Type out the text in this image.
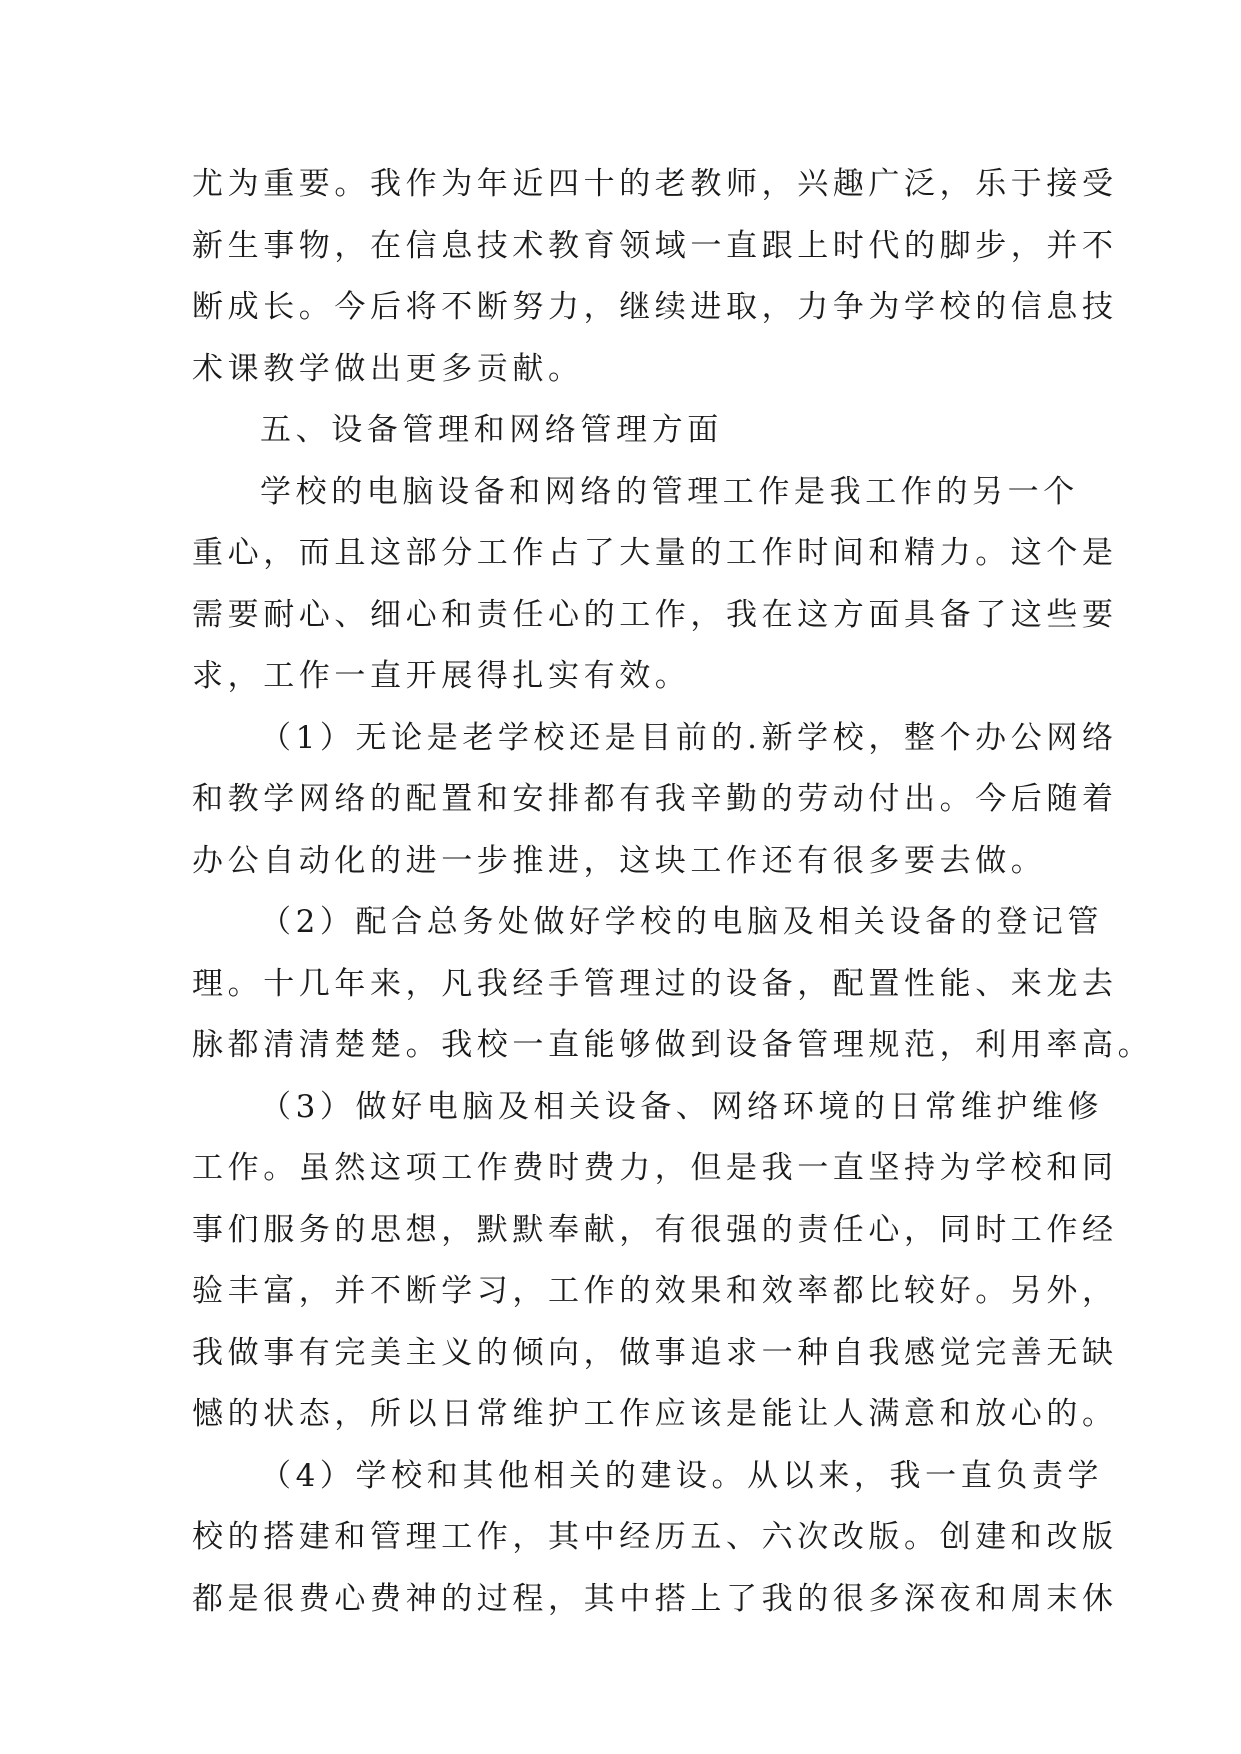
尤为重要。我作为年近四十的老教师，兴趣广泛，乐于接受
新生事物，在信息技术教育领域一直跟上时代的脚步，并不
断成长。今后将不断努力，继续进取，力争为学校的信息技
术课教学做出更多贡献。
五、设备管理和网络管理方面
学校的电脑设备和网络的管理工作是我工作的另一个
重心，而且这部分工作占了大量的工作时间和精力。这个是
需要耐心、细心和责任心的工作，我在这方面具备了这些要
求，工作一直开展得扎实有效。
（1）无论是老学校还是目前的.新学校，整个办公网络
和教学网络的配置和安排都有我辛勤的劳动付出。今后随着
办公自动化的进一步推进，这块工作还有很多要去做。
（2）配合总务处做好学校的电脑及相关设备的登记管
理。十几年来，凡我经手管理过的设备，配置性能、来龙去
脉都清清楚楚。我校一直能够做到设备管理规范，利用率高。
（3）做好电脑及相关设备、网络环境的日常维护维修
工作。虽然这项工作费时费力，但是我一直坚持为学校和同
事们服务的思想，默默奉献，有很强的责任心，同时工作经
验丰富，并不断学习，工作的效果和效率都比较好。另外，
我做事有完美主义的倾向，做事追求一种自我感觉完善无缺
憾的状态，所以日常维护工作应该是能让人满意和放心的。
（4）学校和其他相关的建设。从以来，我一直负责学
校的搭建和管理工作，其中经历五、六次改版。创建和改版
都是很费心费神的过程，其中搭上了我的很多深夜和周末休
